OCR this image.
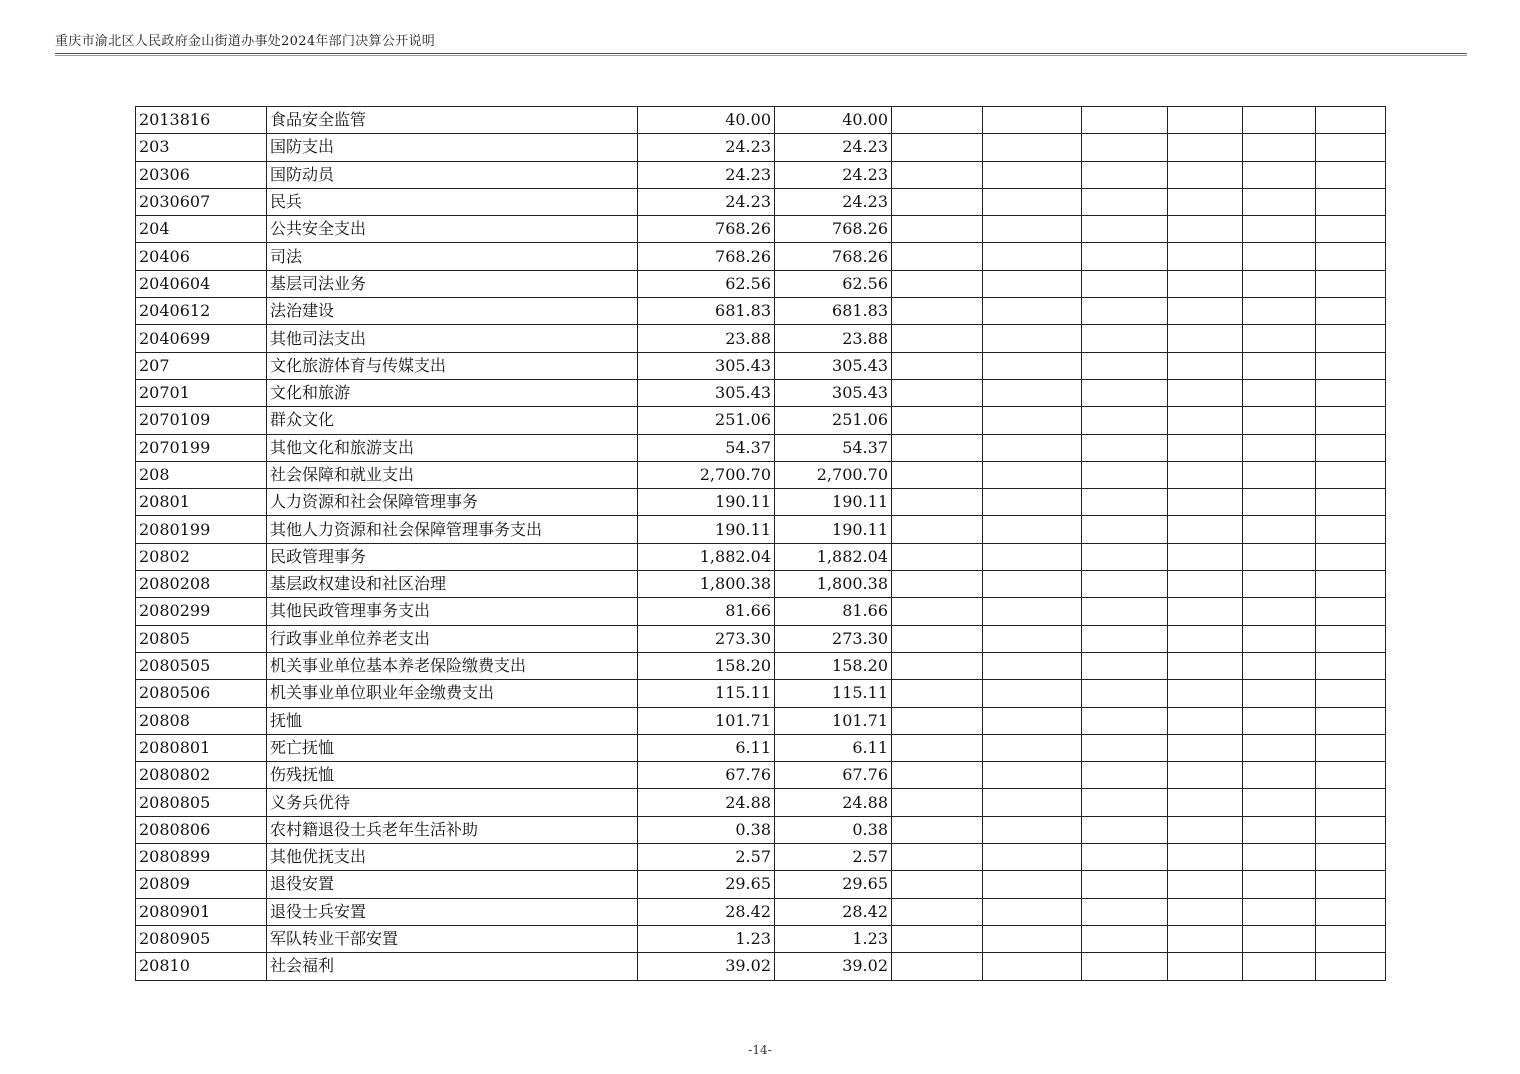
重庆市渝北区人民政府金山街道办事处2024年部门决算公开说明
2013816	食品安全监管	40.00	40.00						
203	国防支出	24.23	24.23						
20306	国防动员	24.23	24.23						
2030607	民兵	24.23	24.23						
204	公共安全支出	768.26	768.26						
20406	司法	768.26	768.26						
2040604	基层司法业务	62.56	62.56						
2040612	法治建设	681.83	681.83						
2040699	其他司法支出	23.88	23.88						
207	文化旅游体育与传媒支出	305.43	305.43						
20701	文化和旅游	305.43	305.43						
2070109	群众文化	251.06	251.06						
2070199	其他文化和旅游支出	54.37	54.37						
208	社会保障和就业支出	2,700.70	2,700.70						
20801	人力资源和社会保障管理事务	190.11	190.11						
2080199	其他人力资源和社会保障管理事务支出	190.11	190.11						
20802	民政管理事务	1,882.04	1,882.04						
2080208	基层政权建设和社区治理	1,800.38	1,800.38						
2080299	其他民政管理事务支出	81.66	81.66						
20805	行政事业单位养老支出	273.30	273.30						
2080505	机关事业单位基本养老保险缴费支出	158.20	158.20						
2080506	机关事业单位职业年金缴费支出	115.11	115.11						
20808	抚恤	101.71	101.71						
2080801	死亡抚恤	6.11	6.11						
2080802	伤残抚恤	67.76	67.76						
2080805	义务兵优待	24.88	24.88						
2080806	农村籍退役士兵老年生活补助	0.38	0.38						
2080899	其他优抚支出	2.57	2.57						
20809	退役安置	29.65	29.65						
2080901	退役士兵安置	28.42	28.42						
2080905	军队转业干部安置	1.23	1.23						
20810	社会福利	39.02	39.02						
-14-
